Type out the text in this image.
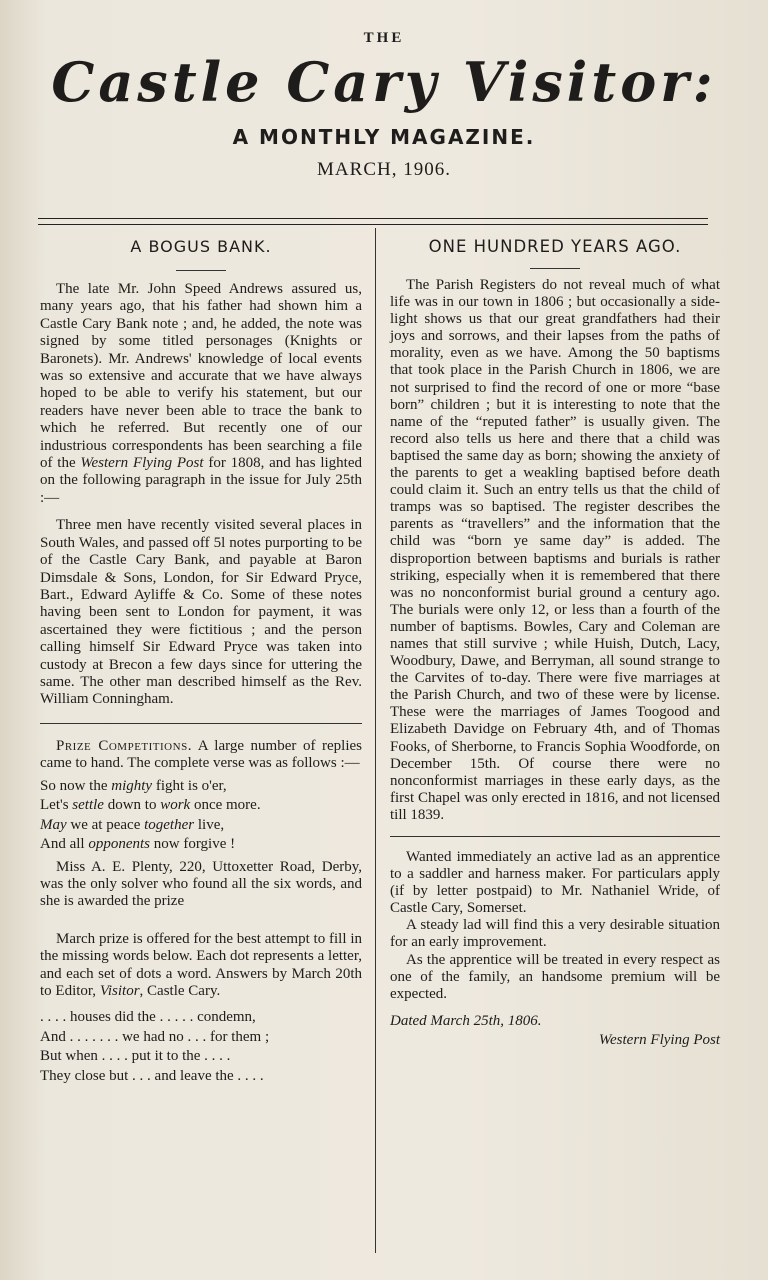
THE
Castle Cary Visitor:
A MONTHLY MAGAZINE.
MARCH, 1906.
A BOGUS BANK.

The late Mr. John Speed Andrews assured us, many years ago, that his father had shown him a Castle Cary Bank note ; and, he added, the note was signed by some titled personages (Knights or Baronets). Mr. Andrews' knowledge of local events was so extensive and accurate that we have always hoped to be able to verify his statement, but our readers have never been able to trace the bank to which he referred. But recently one of our industrious correspondents has been searching a file of the Western Flying Post for 1808, and has lighted on the following paragraph in the issue for July 25th :—

Three men have recently visited several places in South Wales, and passed off 5l notes purporting to be of the Castle Cary Bank, and payable at Baron Dimsdale & Sons, London, for Sir Edward Pryce, Bart., Edward Ayliffe & Co. Some of these notes having been sent to London for payment, it was ascertained they were fictitious ; and the person calling himself Sir Edward Pryce was taken into custody at Brecon a few days since for uttering the same. The other man described himself as the Rev. William Conningham.

Prize Competitions. A large number of replies came to hand. The complete verse was as follows :—

So now the mighty fight is o'er,
Let's settle down to work once more.
May we at peace together live,
And all opponents now forgive !

Miss A. E. Plenty, 220, Uttoxetter Road, Derby, was the only solver who found all the six words, and she is awarded the prize

March prize is offered for the best attempt to fill in the missing words below. Each dot represents a letter, and each set of dots a word. Answers by March 20th to Editor, Visitor, Castle Cary.

. . . . houses did the . . . . . condemn,
And . . . . . . . we had no . . . for them ;
But when . . . . put it to the . . . .
They close but . . . and leave the . . . .
ONE HUNDRED YEARS AGO.

The Parish Registers do not reveal much of what life was in our town in 1806 ; but occasionally a side-light shows us that our great grandfathers had their joys and sorrows, and their lapses from the paths of morality, even as we have. Among the 50 baptisms that took place in the Parish Church in 1806, we are not surprised to find the record of one or more “base born” children ; but it is interesting to note that the name of the “reputed father” is usually given. The record also tells us here and there that a child was baptised the same day as born; showing the anxiety of the parents to get a weakling baptised before death could claim it. Such an entry tells us that the child of tramps was so baptised. The register describes the parents as “travellers” and the information that the child was “born ye same day” is added. The disproportion between baptisms and burials is rather striking, especially when it is remembered that there was no nonconformist burial ground a century ago. The burials were only 12, or less than a fourth of the number of baptisms. Bowles, Cary and Coleman are names that still survive ; while Huish, Dutch, Lacy, Woodbury, Dawe, and Berryman, all sound strange to the Carvites of to-day. There were five marriages at the Parish Church, and two of these were by license. These were the marriages of James Toogood and Elizabeth Davidge on February 4th, and of Thomas Fooks, of Sherborne, to Francis Sophia Woodforde, on December 15th. Of course there were no nonconformist marriages in these early days, as the first Chapel was only erected in 1816, and not licensed till 1839.

Wanted immediately an active lad as an apprentice to a saddler and harness maker. For particulars apply (if by letter postpaid) to Mr. Nathaniel Wride, of Castle Cary, Somerset.

A steady lad will find this a very desirable situation for an early improvement.

As the apprentice will be treated in every respect as one of the family, an handsome premium will be expected.

Dated March 25th, 1806.
Western Flying Post
